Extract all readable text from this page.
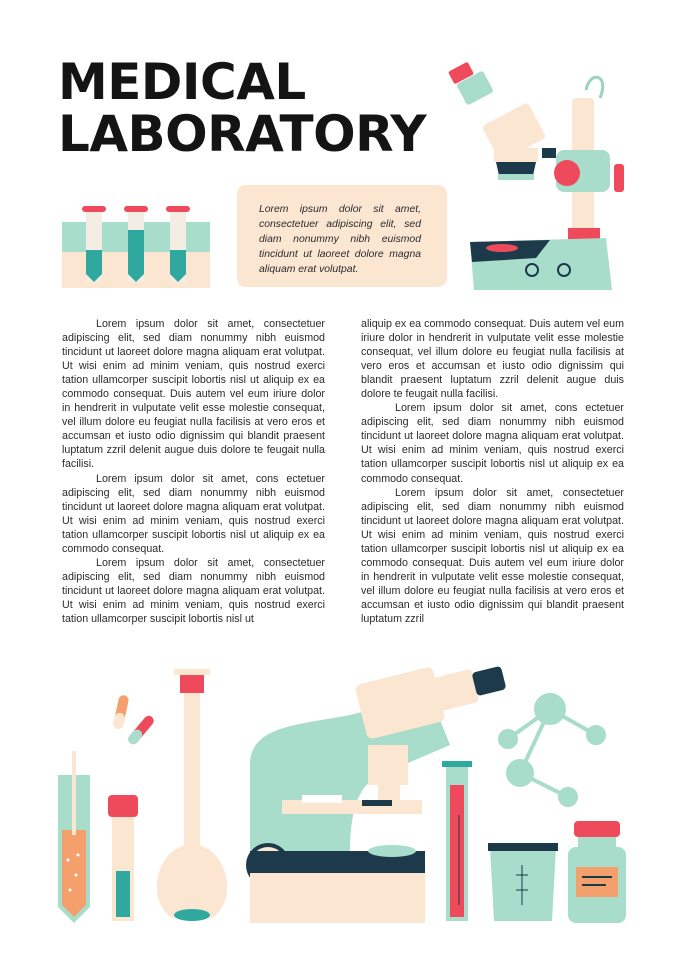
MEDICAL
LABORATORY

Lorem ipsum dolor sit amet, consectetuer adipiscing elit, sed diam nonummy nibh euismod tincidunt ut laoreet dolore magna aliquam erat volutpat.

Lorem ipsum dolor sit amet, consectetuer adipiscing elit, sed diam nonummy nibh euismod tincidunt ut laoreet dolore magna aliquam erat volutpat. Ut wisi enim ad minim veniam, quis nostrud exerci tation ullamcorper suscipit lobortis nisl ut aliquip ex ea commodo consequat. Duis autem vel eum iriure dolor in hendrerit in vulputate velit esse molestie consequat, vel illum dolore eu feugiat nulla facilisis at vero eros et accumsan et iusto odio dignissim qui blandit praesent luptatum zzril delenit augue duis dolore te feugait nulla facilisi.

Lorem ipsum dolor sit amet, cons ectetuer adipiscing elit, sed diam nonummy nibh euismod tincidunt ut laoreet dolore magna aliquam erat volutpat. Ut wisi enim ad minim veniam, quis nostrud exerci tation ullamcorper suscipit lobortis nisl ut aliquip ex ea commodo consequat.

Lorem ipsum dolor sit amet, consectetuer adipiscing elit, sed diam nonummy nibh euismod tincidunt ut laoreet dolore magna aliquam erat volutpat. Ut wisi enim ad minim veniam, quis nostrud exerci tation ullamcorper suscipit lobortis nisl ut

aliquip ex ea commodo consequat. Duis autem vel eum iriure dolor in hendrerit in vulputate velit esse molestie consequat, vel illum dolore eu feugiat nulla facilisis at vero eros et accumsan et iusto odio dignissim qui blandit praesent luptatum zzril delenit augue duis dolore te feugait nulla facilisi.

Lorem ipsum dolor sit amet, cons ectetuer adipiscing elit, sed diam nonummy nibh euismod tincidunt ut laoreet dolore magna aliquam erat volutpat. Ut wisi enim ad minim veniam, quis nostrud exerci tation ullamcorper suscipit lobortis nisl ut aliquip ex ea commodo consequat.

Lorem ipsum dolor sit amet, consectetuer adipiscing elit, sed diam nonummy nibh euismod tincidunt ut laoreet dolore magna aliquam erat volutpat. Ut wisi enim ad minim veniam, quis nostrud exerci tation ullamcorper suscipit lobortis nisl ut aliquip ex ea commodo consequat. Duis autem vel eum iriure dolor in hendrerit in vulputate velit esse molestie consequat, vel illum dolore eu feugiat nulla facilisis at vero eros et accumsan et iusto odio dignissim qui blandit praesent luptatum zzril
